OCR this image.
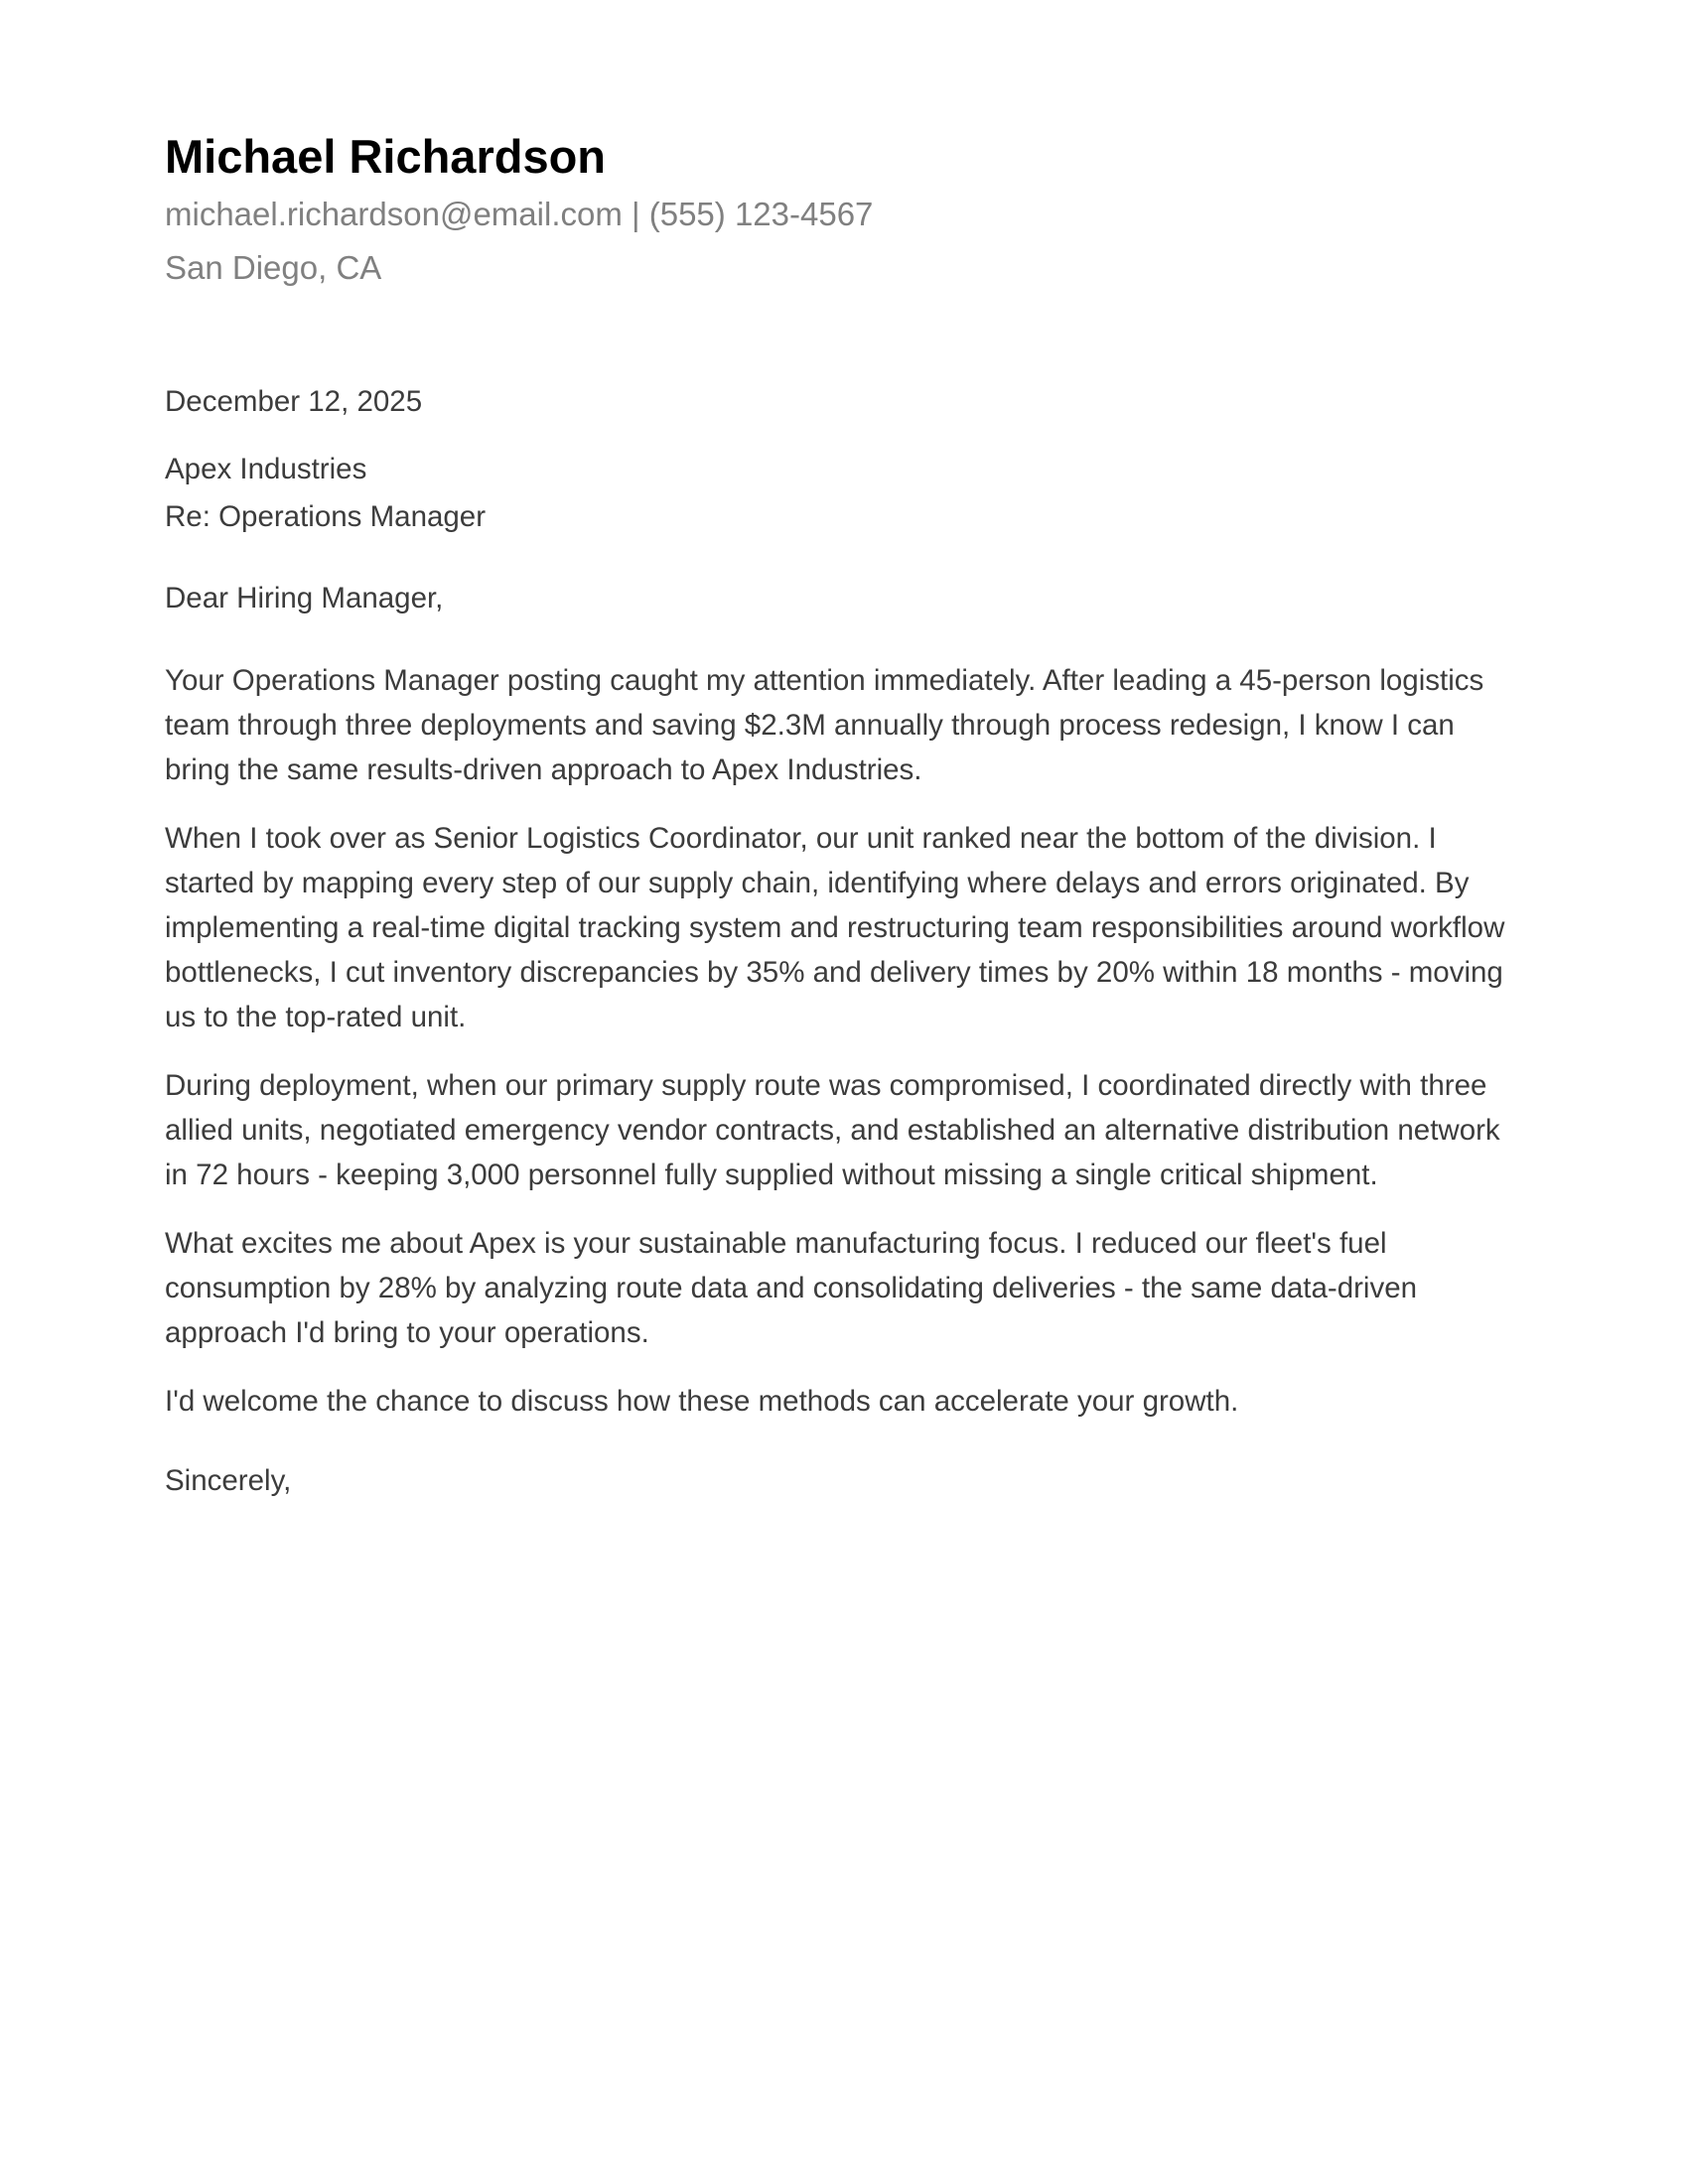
Michael Richardson

michael.richardson@email.com | (555) 123-4567

San Diego, CA

December 12, 2025

Apex Industries

Re: Operations Manager

Dear Hiring Manager,

Your Operations Manager posting caught my attention immediately. After leading a 45-person logistics team through three deployments and saving $2.3M annually through process redesign, I know I can bring the same results-driven approach to Apex Industries.

When I took over as Senior Logistics Coordinator, our unit ranked near the bottom of the division. I started by mapping every step of our supply chain, identifying where delays and errors originated. By implementing a real-time digital tracking system and restructuring team responsibilities around workflow bottlenecks, I cut inventory discrepancies by 35% and delivery times by 20% within 18 months - moving us to the top-rated unit.

During deployment, when our primary supply route was compromised, I coordinated directly with three allied units, negotiated emergency vendor contracts, and established an alternative distribution network in 72 hours - keeping 3,000 personnel fully supplied without missing a single critical shipment.

What excites me about Apex is your sustainable manufacturing focus. I reduced our fleet's fuel consumption by 28% by analyzing route data and consolidating deliveries - the same data-driven approach I'd bring to your operations.

I'd welcome the chance to discuss how these methods can accelerate your growth.

Sincerely,
